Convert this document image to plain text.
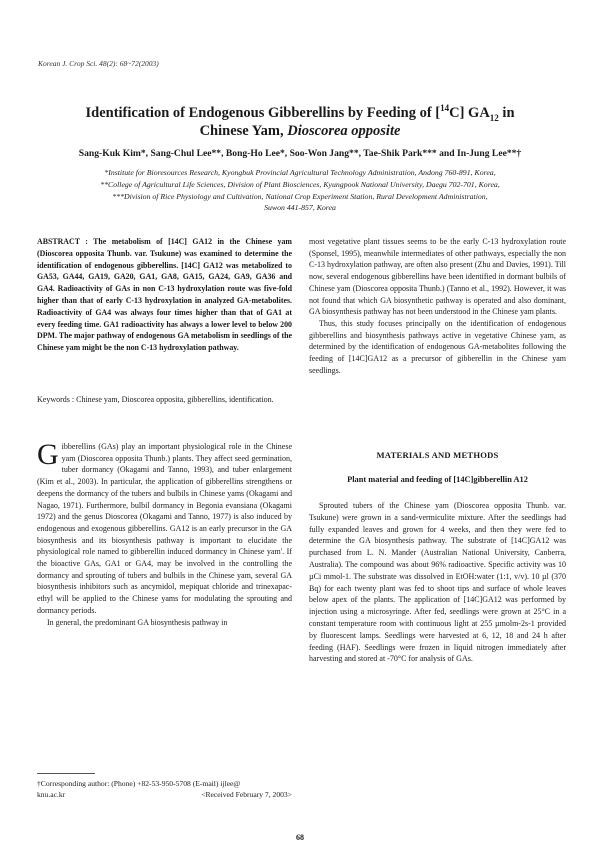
Korean J. Crop Sci. 48(2): 68~72(2003)
Identification of Endogenous Gibberellins by Feeding of [$^{14}$C] $GA_{12}$ in
Chinese Yam, Dioscorea opposite
Sang-Kuk Kim*, Sang-Chul Lee**, Bong-Ho Lee*, Soo-Won Jang**, Tae-Shik Park*** and In-Jung Lee**†
*Institute for Bioresources Research, Kyongbuk Provincial Agricultural Technology Administration, Andong 760-891, Korea,
**College of Agricultural Life Sciences, Division of Plant Biosciences, Kyungpook National University, Daegu 702-701, Korea,
***Division of Rice Physiology and Cultivation, National Crop Experiment Station, Rural Development Administration,
Suwon 441-857, Korea
ABSTRACT : The metabolism of [14C] GA12 in the Chinese yam (Dioscorea opposita Thunb. var. Tsukune) was examined to determine the identification of endogenous gibberellins. [14C] GA12 was metabolized to GA53, GA44, GA19, GA20, GA1, GA8, GA15, GA24, GA9, GA36 and GA4. Radioactivity of GAs in non C-13 hydroxylation route was five-fold higher than that of early C-13 hydroxylation in analyzed GA-metabolites. Radioactivity of GA4 was always four times higher than that of GA1 at every feeding time. GA1 radioactivity has always a lower level to below 200 DPM. The major pathway of endogenous GA metabolism in seedlings of the Chinese yam might be the non C-13 hydroxylation pathway.
Keywords : Chinese yam, Dioscorea opposita, gibberellins, identification.

Gibberellins (GAs) play an important physiological role in the Chinese yam (Dioscorea opposita Thunb.) plants. They affect seed germination, tuber dormancy (Okagami and Tanno, 1993), and tuber enlargement (Kim et al., 2003). In particular, the application of gibberellins strengthens or deepens the dormancy of the tubers and bulbils in Chinese yams (Okagami and Nagao, 1971). Furthermore, bulbil dormancy in Begonia evansiana (Okagami 1972) and the genus Dioscorea (Okagami and Tanno, 1977) is also induced by endogenous and exogenous gibberellins. GA12 is an early precursor in the GA biosynthesis and its biosynthesis pathway is important to elucidate the physiological role named to gibberellin induced dormancy in Chinese yam'. If the bioactive GAs, GA1 or GA4, may be involved in the controlling the dormancy and sprouting of tubers and bulbils in the Chinese yam, several GA biosynthesis inhibitors such as ancymidol, mepiquat chloride and trinexapac-ethyl will be applied to the Chinese yams for modulating the sprouting and dormancy periods.

In general, the predominant GA biosynthesis pathway in

†Corresponding author: (Phone) +82-53-950-5708 (E-mail) ijlee@
knu.ac.kr	<Received February 7, 2003>

most vegetative plant tissues seems to be the early C-13 hydroxylation route (Sponsel, 1995), meanwhile intermediates of other pathways, especially the non C-13 hydroxylation pathway, are often also present (Zhu and Davies, 1991). Till now, several endogenous gibberellins have been identified in dormant bulbils of Chinese yam (Dioscorea opposita Thunb.) (Tanno et al., 1992). However, it was not found that which GA biosynthetic pathway is operated and also dominant, GA biosynthesis pathway has not been understood in the Chinese yam plants.

Thus, this study focuses principally on the identification of endogenous gibberellins and biosynthesis pathways active in vegetative Chinese yam, as determined by the identification of endogenous GA-metabolites following the feeding of [14C]GA12 as a precursor of gibberellin in the Chinese yam seedlings.

MATERIALS AND METHODS
Plant material and feeding of [14C]gibberellin A12

Sprouted tubers of the Chinese yam (Dioscorea opposita Thunb. var. Tsukune) were grown in a sand-vermiculite mixture. After the seedlings had fully expanded leaves and grown for 4 weeks, and then they were fed to determine the GA biosynthesis pathway. The substrate of [14C]GA12 was purchased from L. N. Mander (Australian National University, Canberra, Australia). The compound was about 96% radioactive. Specific activity was 10 µCi mmol-1. The substrate was dissolved in EtOH:water (1:1, v/v). 10 µl (370 Bq) for each twenty plant was fed to shoot tips and surface of whole leaves below apex of the plants. The application of [14C]GA12 was performed by injection using a microsyringe. After fed, seedlings were grown at 25°C in a constant temperature room with continuous light at 255 µmolm-2s-1 provided by fluorescent lamps. Seedlings were harvested at 6, 12, 18 and 24 h after feeding (HAF). Seedlings were frozen in liquid nitrogen immediately after harvesting and stored at -70°C for analysis of GAs.

68
